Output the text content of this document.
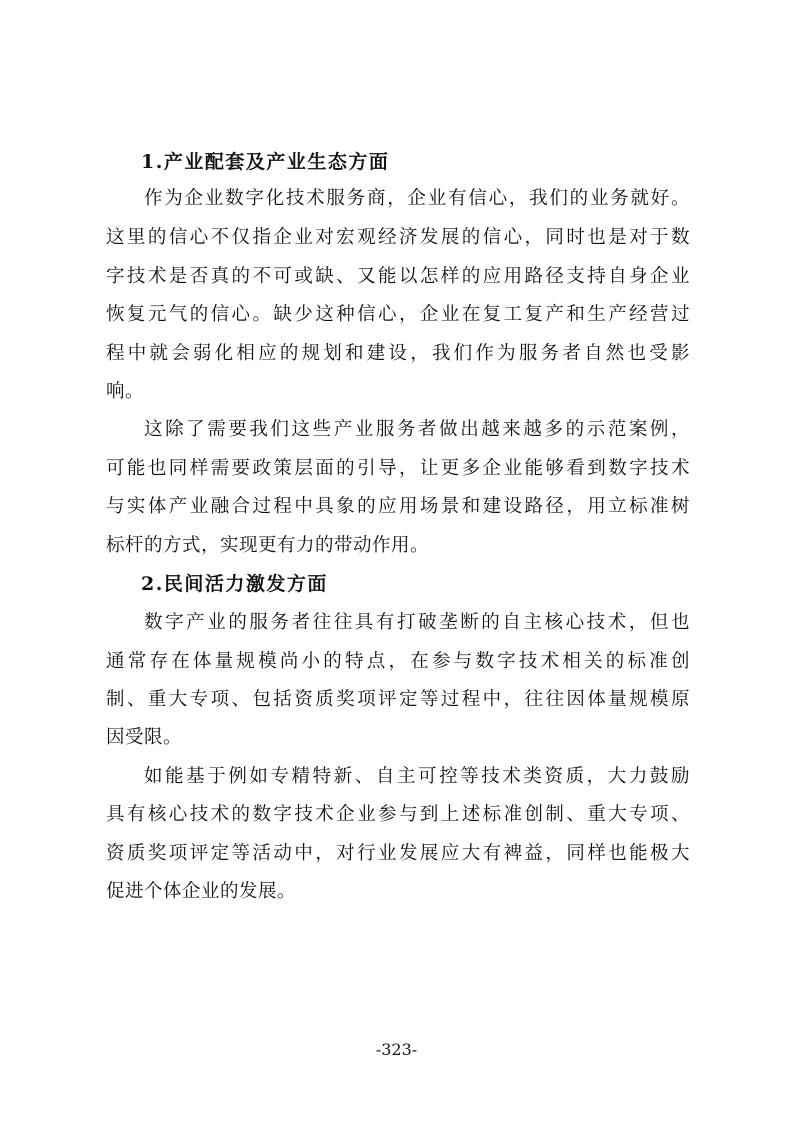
1.产业配套及产业生态方面
作为企业数字化技术服务商，企业有信心，我们的业务就好。
这里的信心不仅指企业对宏观经济发展的信心，同时也是对于数
字技术是否真的不可或缺、又能以怎样的应用路径支持自身企业
恢复元气的信心。缺少这种信心，企业在复工复产和生产经营过
程中就会弱化相应的规划和建设，我们作为服务者自然也受影
响。
这除了需要我们这些产业服务者做出越来越多的示范案例，
可能也同样需要政策层面的引导，让更多企业能够看到数字技术
与实体产业融合过程中具象的应用场景和建设路径，用立标准树
标杆的方式，实现更有力的带动作用。
2.民间活力激发方面
数字产业的服务者往往具有打破垄断的自主核心技术，但也
通常存在体量规模尚小的特点，在参与数字技术相关的标准创
制、重大专项、包括资质奖项评定等过程中，往往因体量规模原
因受限。
如能基于例如专精特新、自主可控等技术类资质，大力鼓励
具有核心技术的数字技术企业参与到上述标准创制、重大专项、
资质奖项评定等活动中，对行业发展应大有裨益，同样也能极大
促进个体企业的发展。
-323-
